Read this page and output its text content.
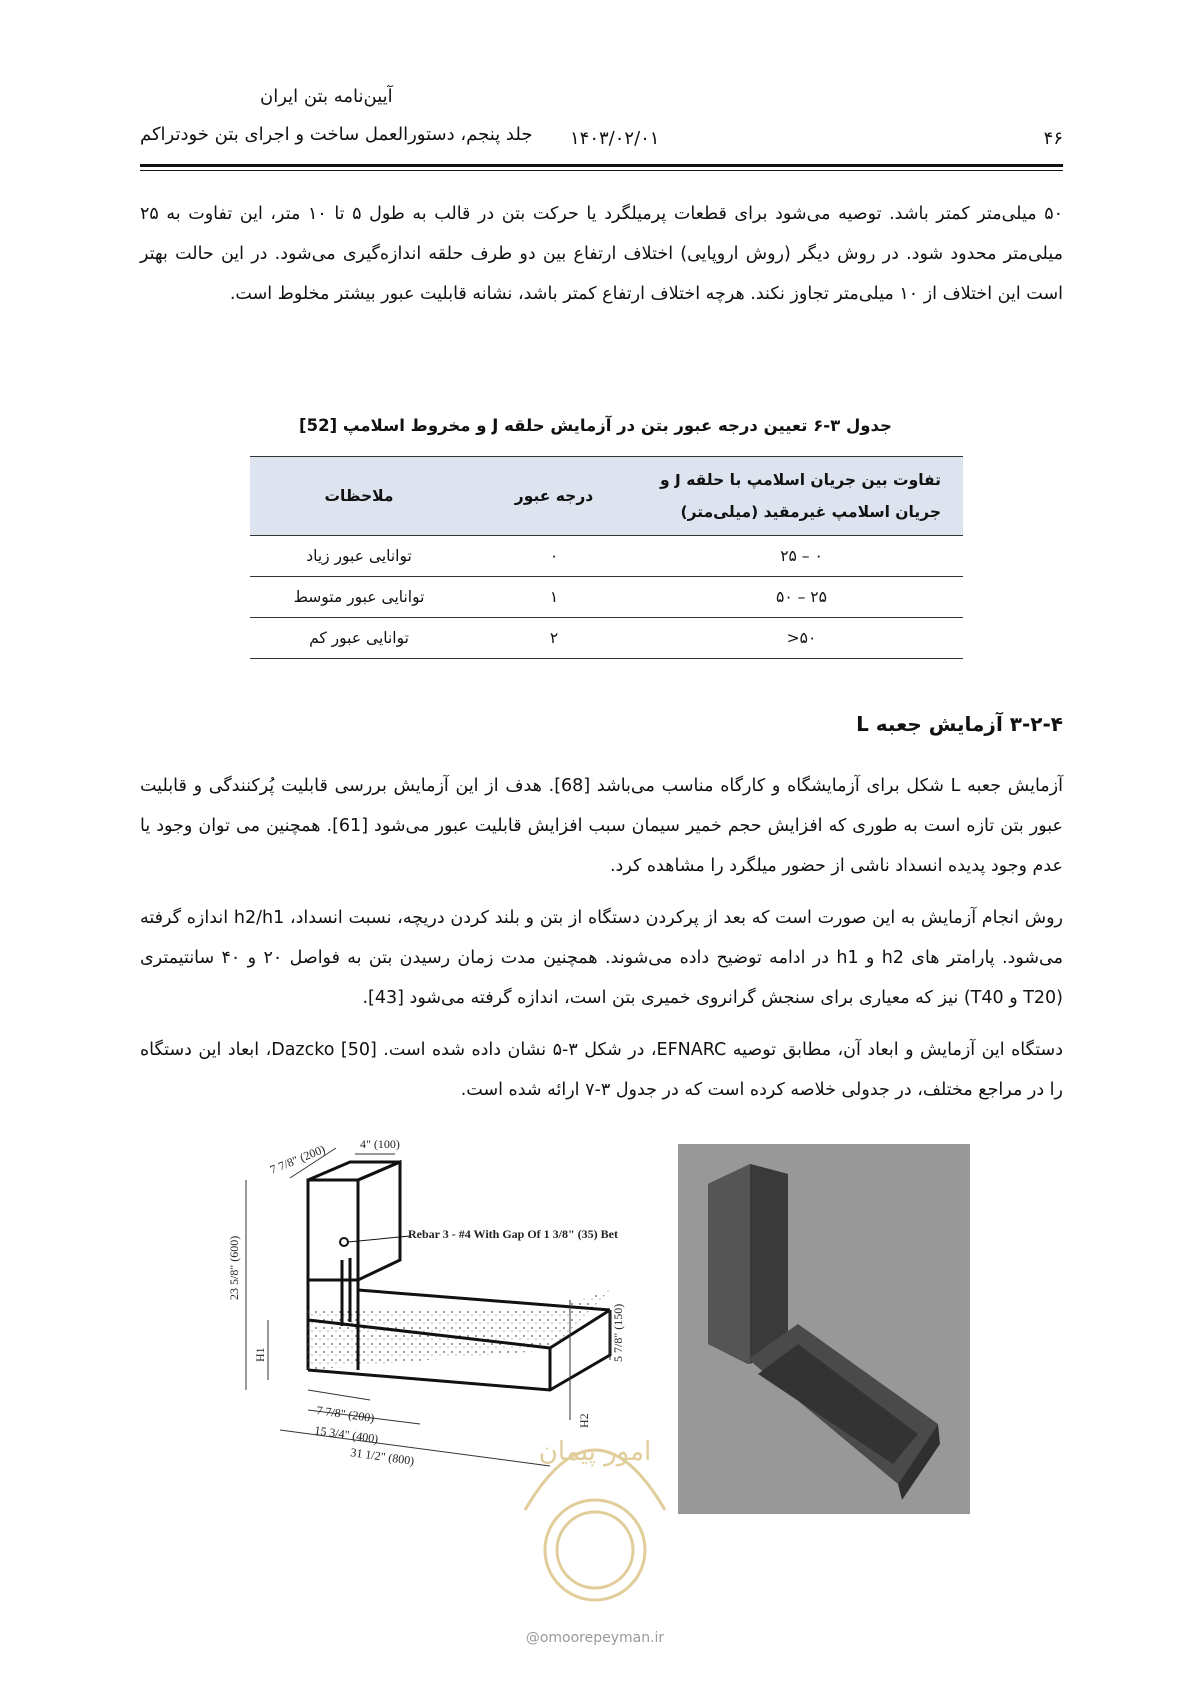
آیین‌نامه بتن ایران
جلد پنجم، دستورالعمل ساخت و اجرای بتن خودتراکم ۱۴۰۳/۰۲/۰۱	۴۶
۵۰ میلی‌متر کمتر باشد. توصیه می‌شود برای قطعات پرمیلگرد یا حرکت بتن در قالب به طول ۵ تا ۱۰ متر، این تفاوت به ۲۵ میلی‌متر محدود شود. در روش دیگر (روش اروپایی) اختلاف ارتفاع بین دو طرف حلقه اندازه‌گیری می‌شود. در این حالت بهتر است این اختلاف از ۱۰ میلی‌متر تجاوز نکند. هرچه اختلاف ارتفاع کمتر باشد، نشانه قابلیت عبور بیشتر مخلوط است.
جدول ۳-۶ تعیین درجه عبور بتن در آزمایش حلقه J و مخروط اسلامپ [52]
تفاوت بین جریان اسلامپ با حلقه J و جریان اسلامپ غیرمقید (میلی‌متر)	درجه عبور	ملاحظات
۰ – ۲۵	۰	توانایی عبور زیاد
۲۵ – ۵۰	۱	توانایی عبور متوسط
۵۰<	۲	توانایی عبور کم
۳-۲-۴ آزمایش جعبه L
آزمایش جعبه L شکل برای آزمایشگاه و کارگاه مناسب می‌باشد [68]. هدف از این آزمایش بررسی قابلیت پُرکنندگی و قابلیت عبور بتن تازه است به طوری که افزایش حجم خمیر سیمان سبب افزایش قابلیت عبور می‌شود [61]. همچنین می توان وجود یا عدم وجود پدیده انسداد ناشی از حضور میلگرد را مشاهده کرد.
روش انجام آزمایش به این صورت است که بعد از پرکردن دستگاه از بتن و بلند کردن دریچه، نسبت انسداد، h2/h1 اندازه گرفته می‌شود. پارامتر های h2 و h1 در ادامه توضیح داده می‌شوند. همچنین مدت زمان رسیدن بتن به فواصل ۲۰ و ۴۰ سانتیمتری (T20 و T40) نیز که معیاری برای سنجش گرانروی خمیری بتن است، اندازه گرفته می‌شود [43].
دستگاه این آزمایش و ابعاد آن، مطابق توصیه EFNARC، در شکل ۳-۵ نشان داده شده است. Dazcko [50]، ابعاد این دستگاه را در مراجع مختلف، در جدولی خلاصه کرده است که در جدول ۳-۷ ارائه شده است.
7 7/8" (200)	4" (100)
23 5/8" (600)
Rebar 3 - #4 With Gap Of 1 3/8" (35) Bet
H1
H2
5 7/8" (150)
7 7/8" (200)
15 3/4" (400)
31 1/2" (800)	امور پیمان
@omoorepeyman.ir
